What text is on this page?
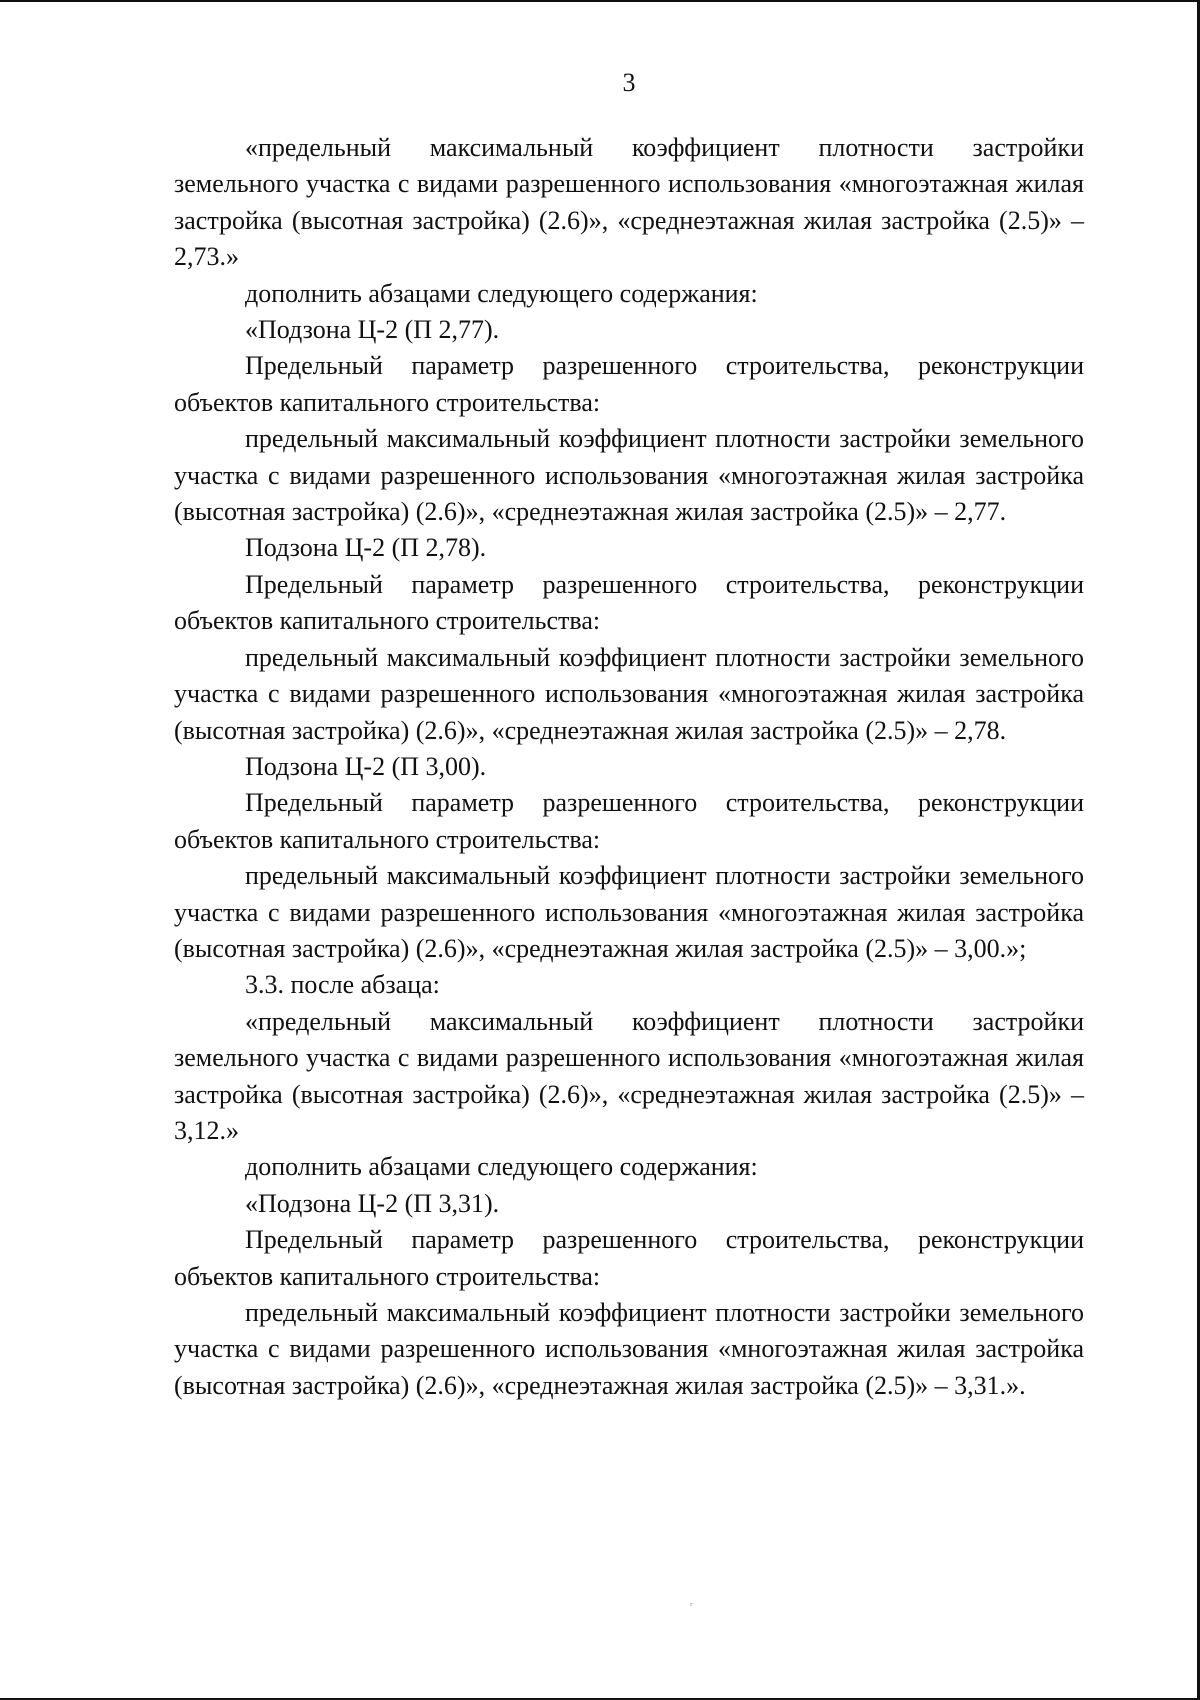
3

«предельный максимальный коэффициент плотности застройки земельного участка с видами разрешенного использования «многоэтажная жилая застройка (высотная застройка) (2.6)», «среднеэтажная жилая застройка (2.5)» – 2,73.»

дополнить абзацами следующего содержания:

«Подзона Ц-2 (П 2,77).

Предельный параметр разрешенного строительства, реконструкции объектов капитального строительства:

предельный максимальный коэффициент плотности застройки земельного участка с видами разрешенного использования «многоэтажная жилая застройка (высотная застройка) (2.6)», «среднеэтажная жилая застройка (2.5)» – 2,77.

Подзона Ц-2 (П 2,78).

Предельный параметр разрешенного строительства, реконструкции объектов капитального строительства:

предельный максимальный коэффициент плотности застройки земельного участка с видами разрешенного использования «многоэтажная жилая застройка (высотная застройка) (2.6)», «среднеэтажная жилая застройка (2.5)» – 2,78.

Подзона Ц-2 (П 3,00).

Предельный параметр разрешенного строительства, реконструкции объектов капитального строительства:

предельный максимальный коэффициент плотности застройки земельного участка с видами разрешенного использования «многоэтажная жилая застройка (высотная застройка) (2.6)», «среднеэтажная жилая застройка (2.5)» – 3,00.»;

3.3. после абзаца:

«предельный максимальный коэффициент плотности застройки земельного участка с видами разрешенного использования «многоэтажная жилая застройка (высотная застройка) (2.6)», «среднеэтажная жилая застройка (2.5)» – 3,12.»

дополнить абзацами следующего содержания:

«Подзона Ц-2 (П 3,31).

Предельный параметр разрешенного строительства, реконструкции объектов капитального строительства:

предельный максимальный коэффициент плотности застройки земельного участка с видами разрешенного использования «многоэтажная жилая застройка (высотная застройка) (2.6)», «среднеэтажная жилая застройка (2.5)» – 3,31.».

ʳ
